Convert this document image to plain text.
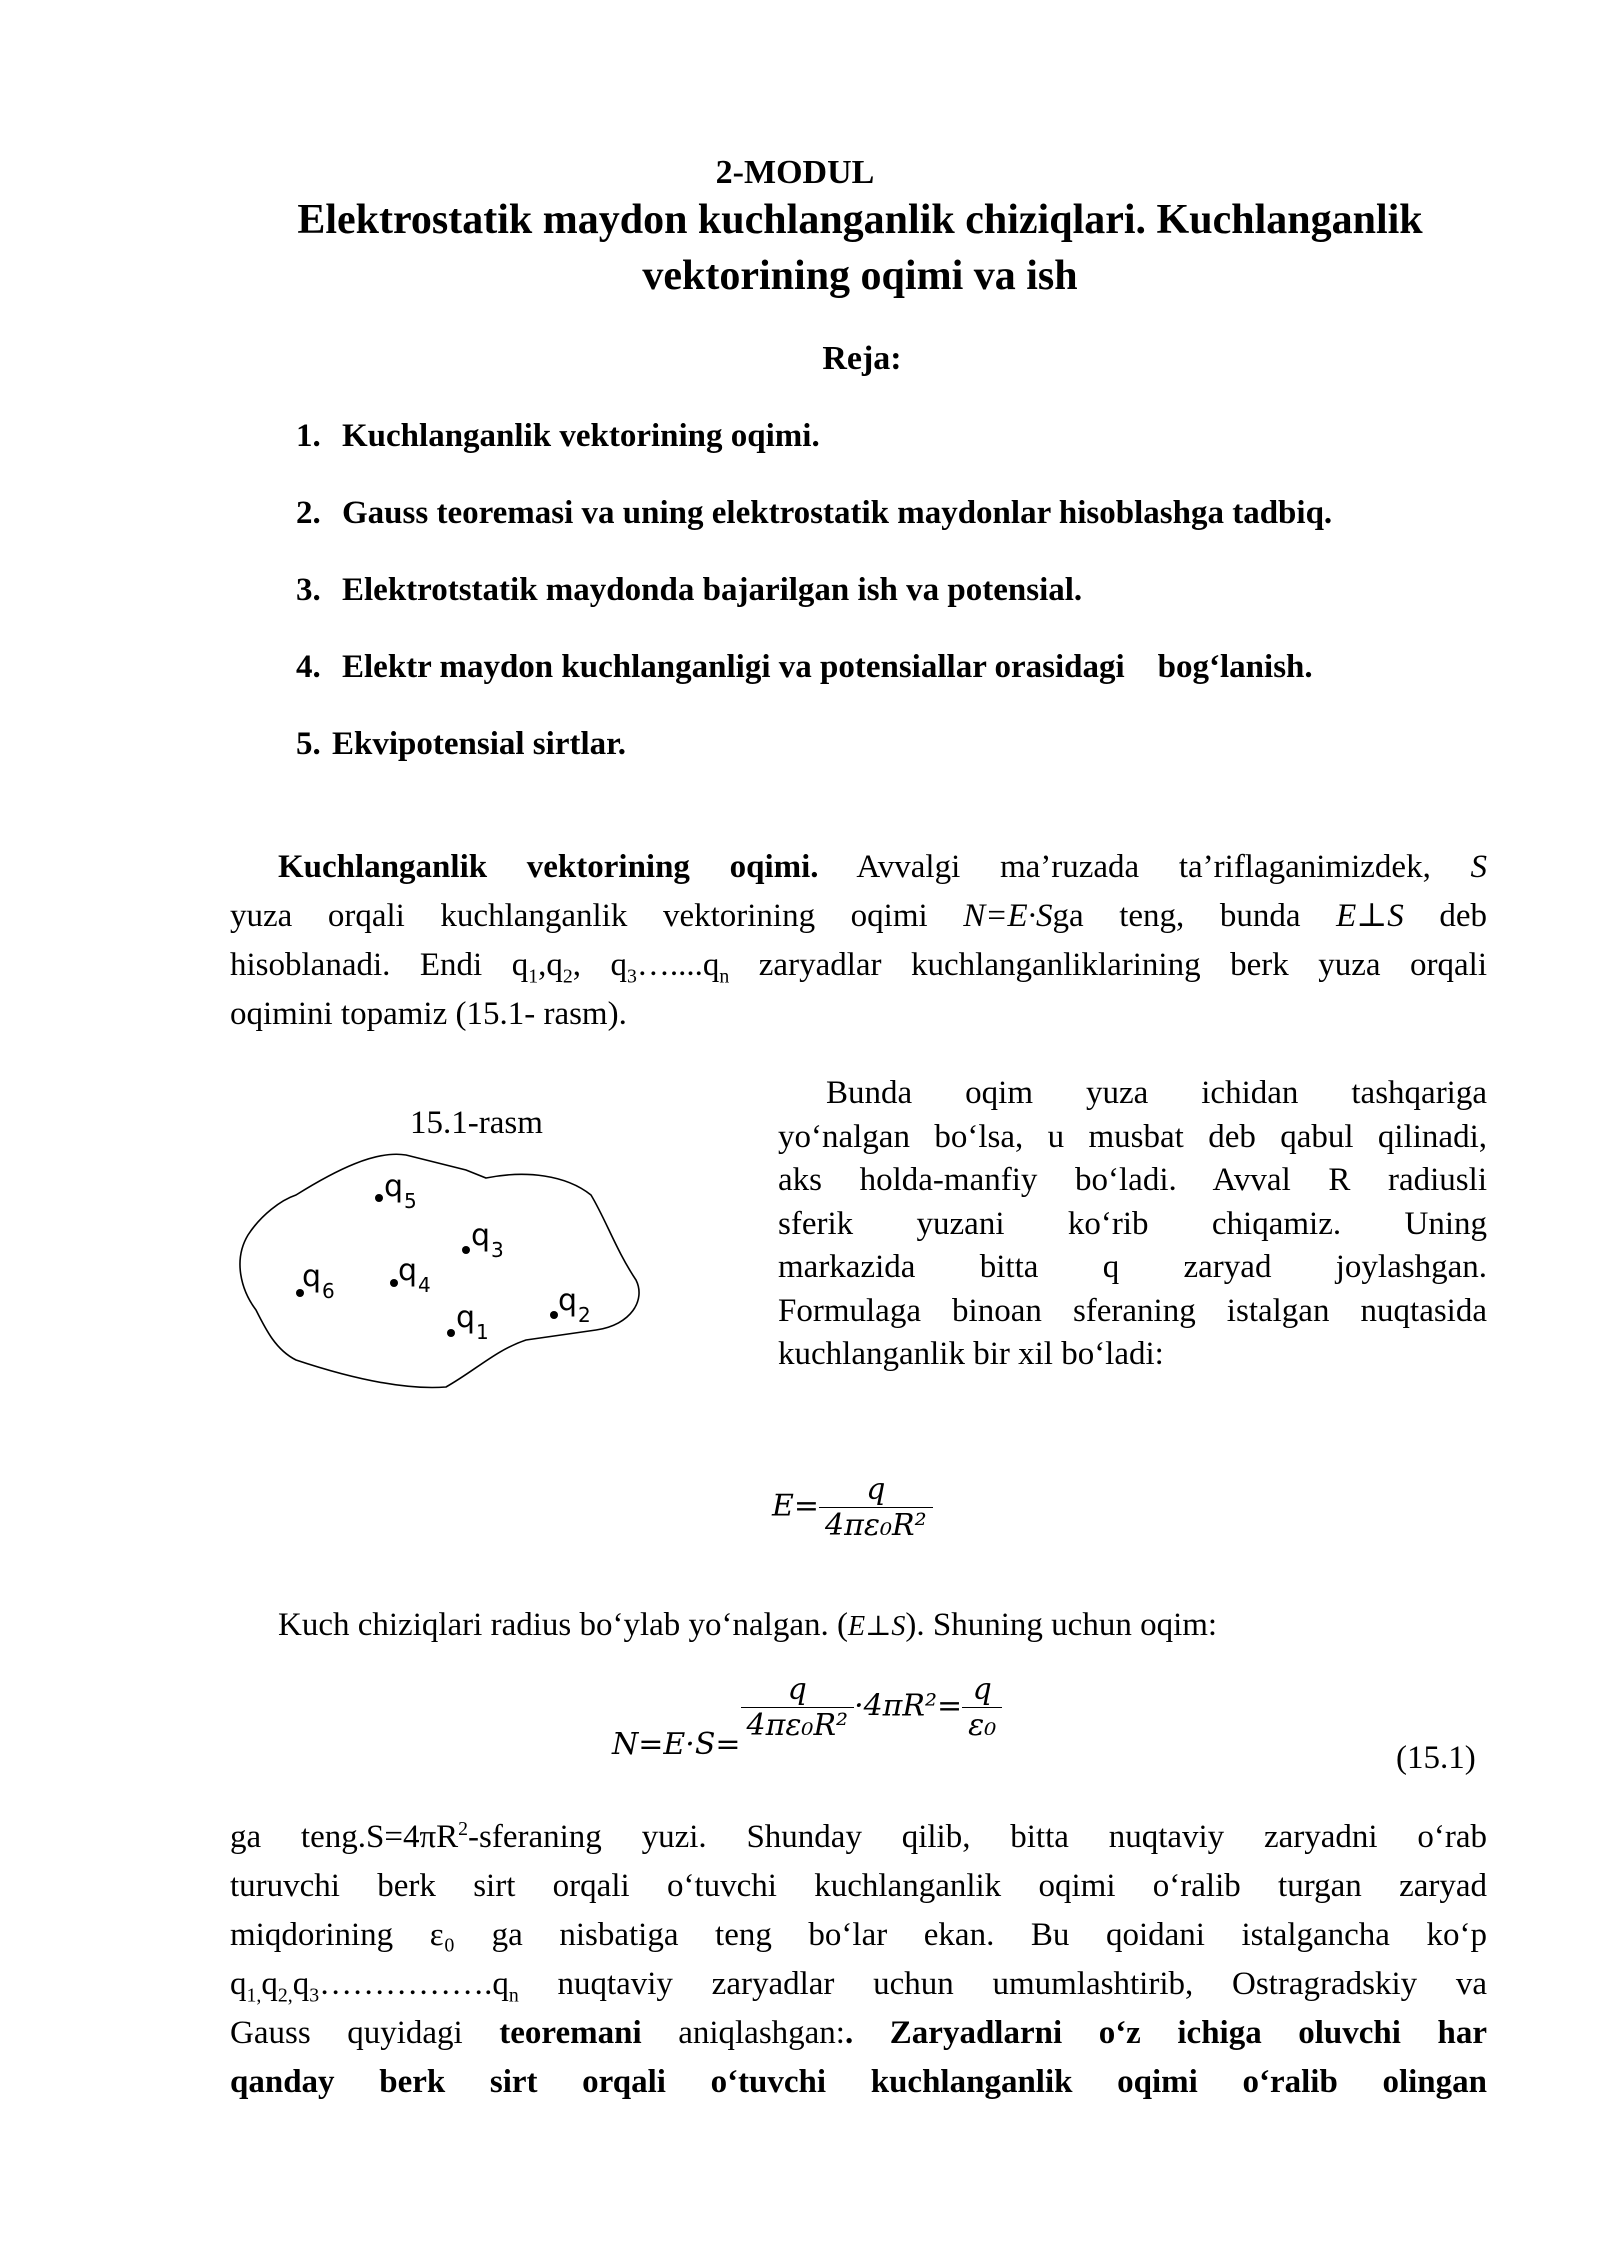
2-MODUL
Elektrostatik maydon kuchlanganlik chiziqlari. Kuchlanganlik
vektorining oqimi va ish
Reja:
1. Kuchlanganlik vektorining oqimi.
2. Gauss teoremasi va uning elektrostatik maydonlar hisoblashga tadbiq.
3. Elektrotstatik maydonda bajarilgan ish va potensial.
4. Elektr maydon kuchlanganligi va potensiallar orasidagi    bog‘lanish.
5. Ekvipotensial sirtlar.
Kuchlanganlik vektorining oqimi. Avvalgi ma’ruzada ta’riflaganimizdek, S
yuza orqali kuchlanganlik vektorining oqimi N=E·Sga teng, bunda E⊥S deb
hisoblanadi. Endi $q_1,q_2$, $q_3\dots....q_n$ zaryadlar kuchlanganliklarining berk yuza orqali
oqimini topamiz (15.1- rasm).
15.1-rasm
q 5
q 3
q 4
q 6
q 1
q 2
Bunda oqim yuza ichidan tashqariga
yo‘nalgan bo‘lsa, u musbat deb qabul qilinadi,
aks holda-manfiy bo‘ladi. Avval R radiusli
sferik yuzani ko‘rib chiqamiz. Uning
markazida bitta q zaryad joylashgan.
Formulaga binoan sferaning istalgan nuqtasida
kuchlanganlik bir xil bo‘ladi:
$E= \frac{q}{\text{4πε₀R²}}$
Kuch chiziqlari radius bo‘ylab yo‘nalgan. (E⊥S). Shuning uchun oqim:
N=E·S=
$\frac{q}{\text{4πε₀R²}} \cdot 4\pi R^2= \frac{q}{\text{ε₀}}$
(15.1)
ga $teng.S=4\pi R^2$-sferaning yuzi. Shunday qilib, bitta nuqtaviy zaryadni o‘rab
turuvchi berk sirt orqali o‘tuvchi kuchlanganlik oqimi o‘ralib turgan zaryad
miqdorining ε₀ ga nisbatiga teng bo‘lar ekan. Bu qoidani istalgancha ko‘p
$q_{1,}q_{2,}q_3\dots\dots\dots\dots\dots.q_n$ nuqtaviy zaryadlar uchun umumlashtirib, Ostragradskiy va
Gauss quyidagi teoremani aniqlashgan:. Zaryadlarni o‘z ichiga oluvchi har
qanday berk sirt orqali o‘tuvchi kuchlanganlik oqimi o‘ralib olingan
